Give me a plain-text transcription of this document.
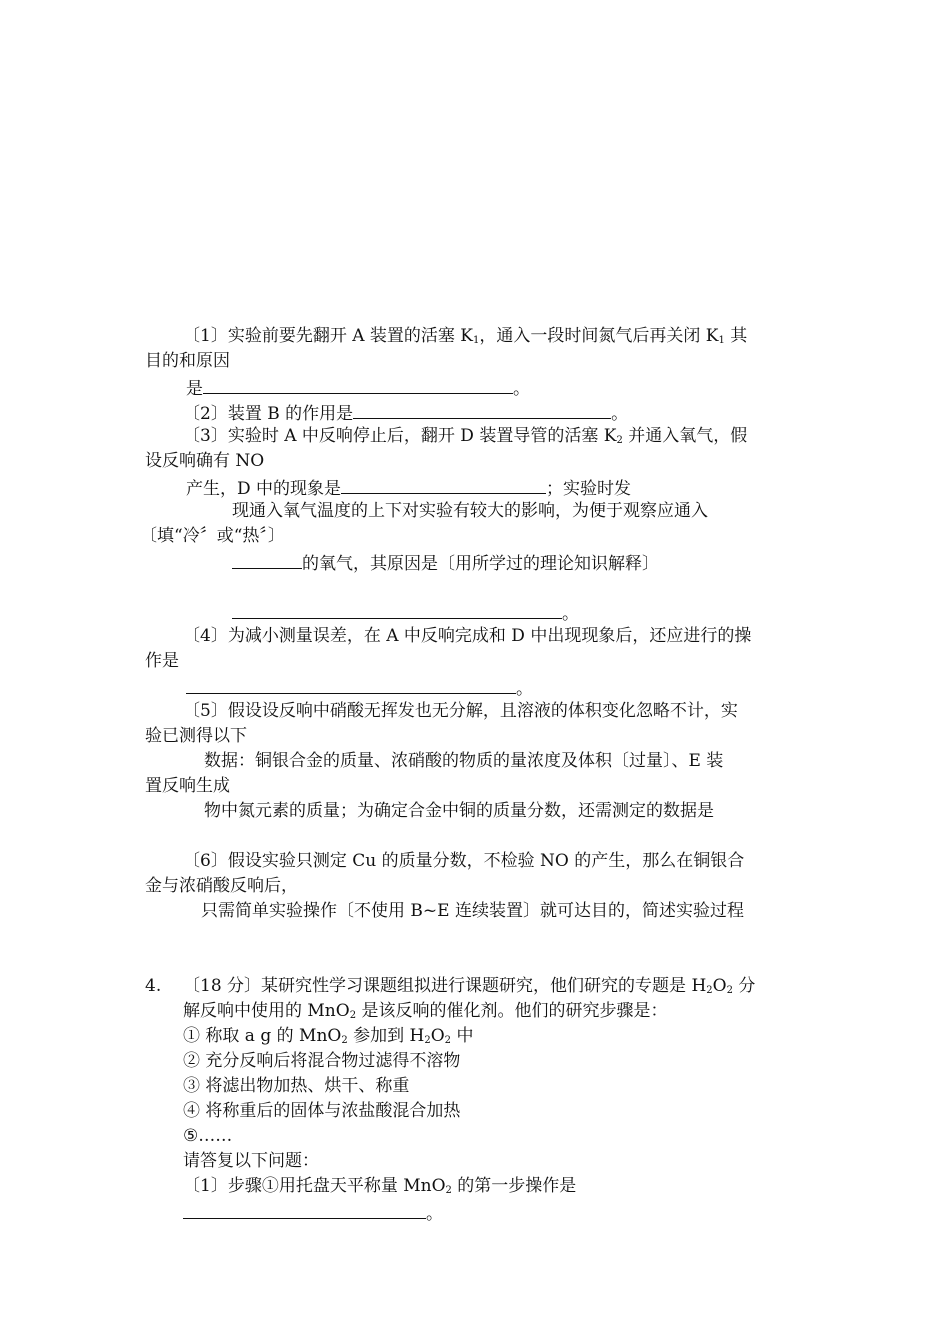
〔1〕实验前要先翻开 A 装置的活塞 $K_1$，通入一段时间氮气后再关闭 $K_1$ 其
目的和原因
是	。
〔2〕装置 B 的作用是	。
〔3〕实验时 A 中反响停止后，翻开 D 装置导管的活塞 $K_2$ 并通入氧气，假
设反响确有 NO
产生，D 中的现象是	；实验时发
现通入氧气温度的上下对实验有较大的影响，为便于观察应通入
〔填“冷〞或“热〞〕
的氧气，其原因是〔用所学过的理论知识解释〕
。
〔4〕为减小测量误差，在 A 中反响完成和 D 中出现现象后，还应进行的操
作是
。
〔5〕假设设反响中硝酸无挥发也无分解，且溶液的体积变化忽略不计，实
验已测得以下
数据：铜银合金的质量、浓硝酸的物质的量浓度及体积〔过量〕、E 装
置反响生成
物中氮元素的质量；为确定合金中铜的质量分数，还需测定的数据是
〔6〕假设实验只测定 Cu 的质量分数，不检验 NO 的产生，那么在铜银合
金与浓硝酸反响后，
只需简单实验操作〔不使用 B~E 连续装置〕就可达目的，简述实验过程
4. 〔18 分〕某研究性学习课题组拟进行课题研究，他们研究的专题是 $H_2O_2$ 分
解反响中使用的 MnO$_2$ 是该反响的催化剂。他们的研究步骤是：
① 称取 a g 的 MnO$_2$ 参加到 $H_2O_2$ 中
② 充分反响后将混合物过滤得不溶物
③ 将滤出物加热、烘干、称重
④ 将称重后的固体与浓盐酸混合加热
⑤……
请答复以下问题：
〔1〕步骤①用托盘天平称量 MnO$_2$ 的第一步操作是
。
